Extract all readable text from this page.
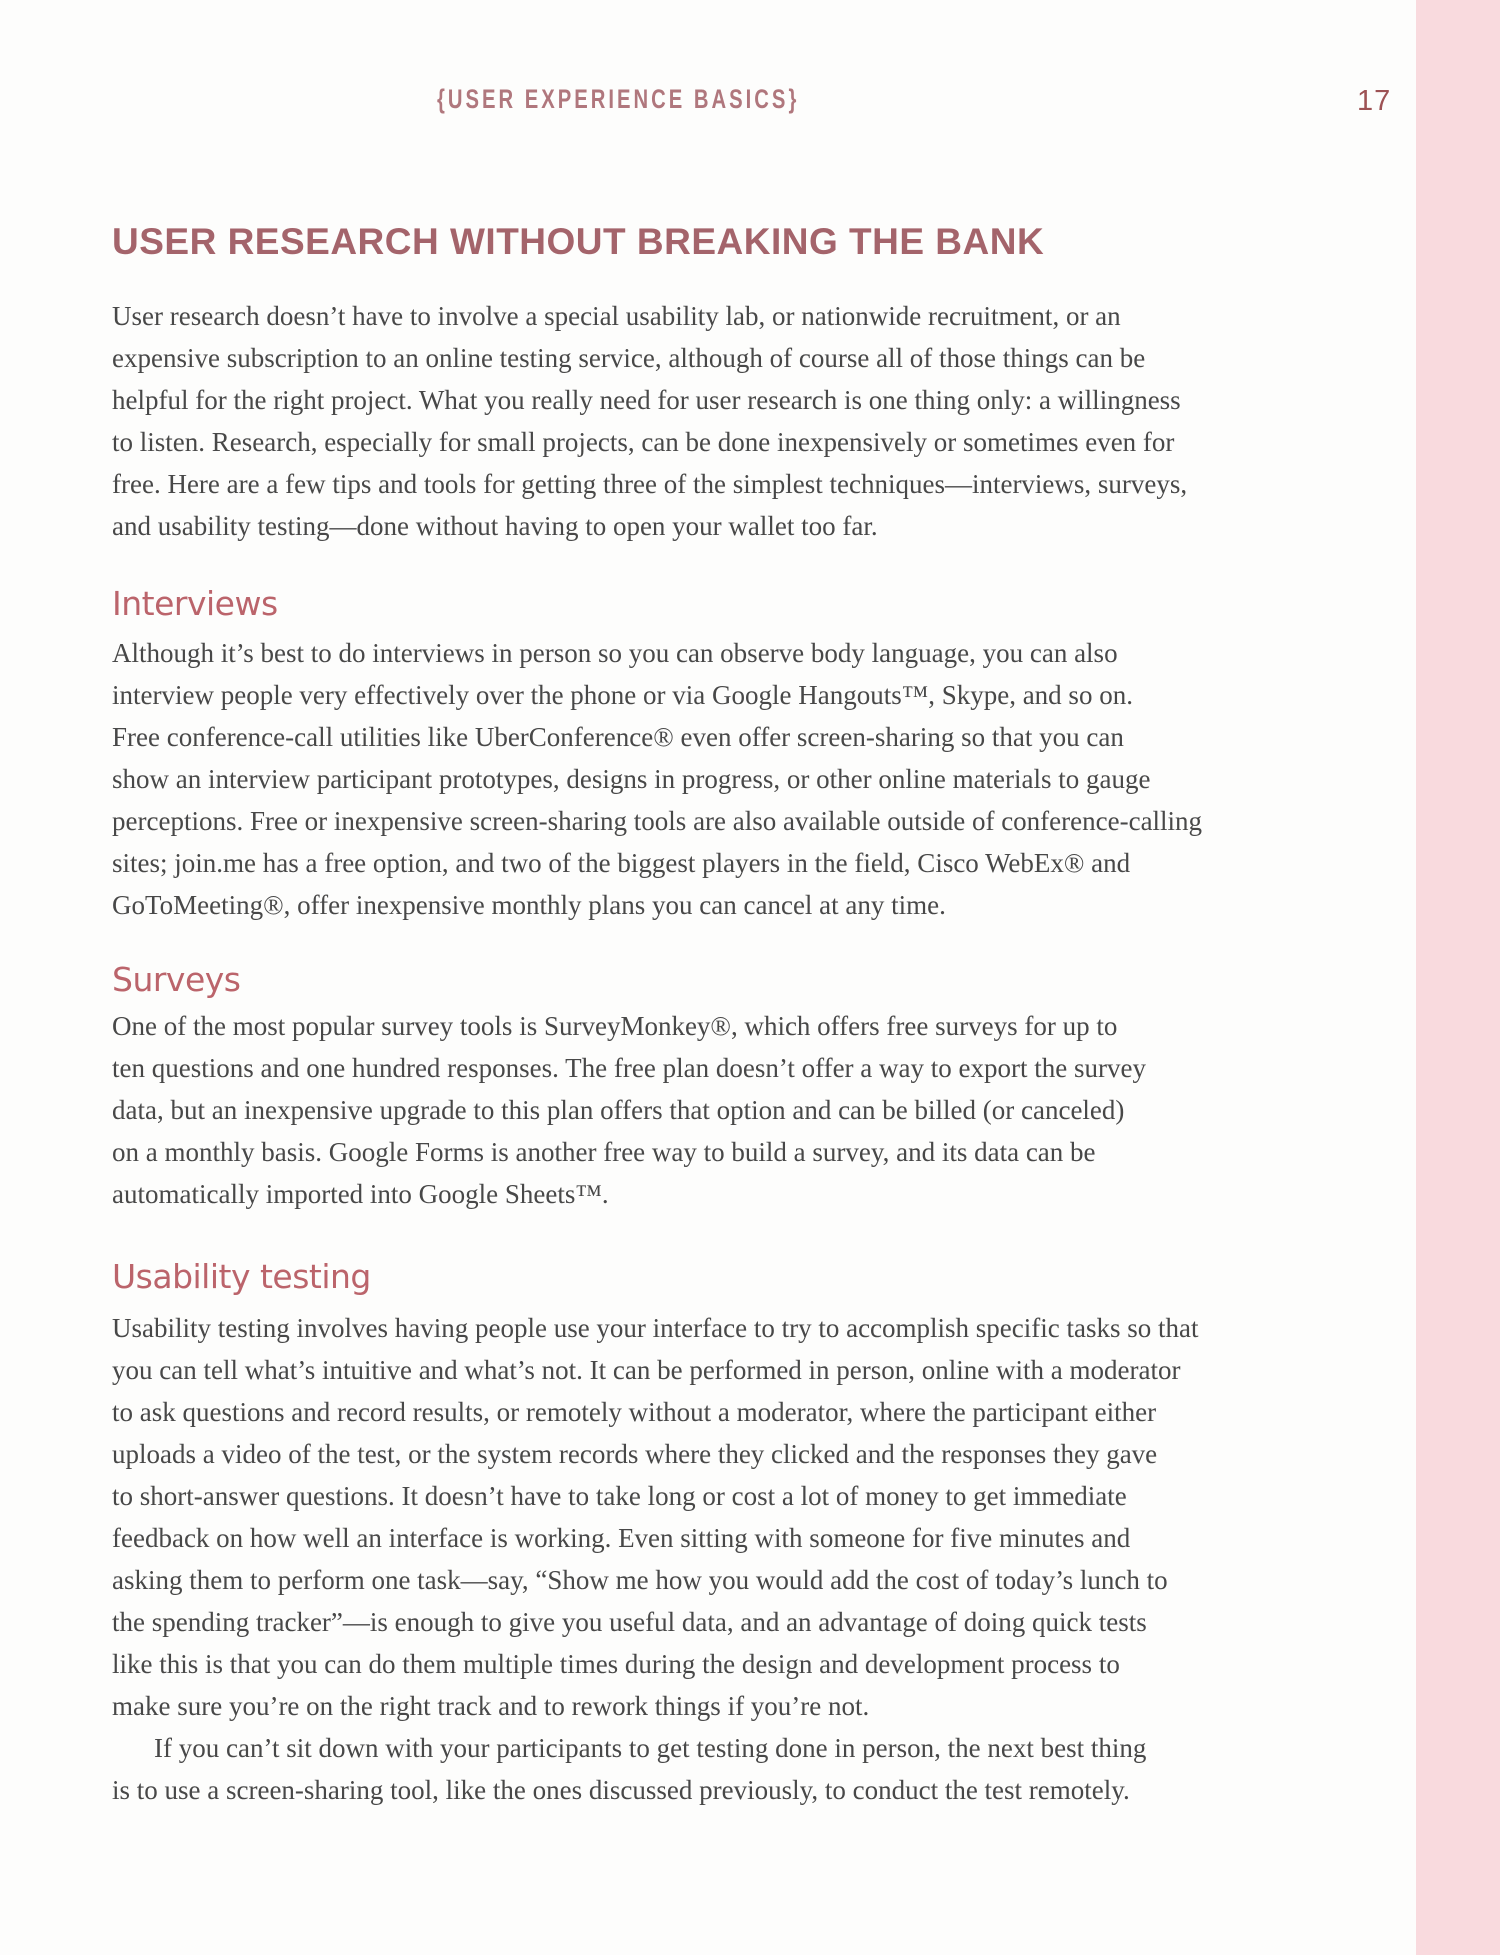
{USER EXPERIENCE BASICS}	17
USER RESEARCH WITHOUT BREAKING THE BANK
User research doesn’t have to involve a special usability lab, or nationwide recruitment, or an
expensive subscription to an online testing service, although of course all of those things can be
helpful for the right project. What you really need for user research is one thing only: a willingness
to listen. Research, especially for small projects, can be done inexpensively or sometimes even for
free. Here are a few tips and tools for getting three of the simplest techniques—interviews, surveys,
and usability testing—done without having to open your wallet too far.
Interviews
Although it’s best to do interviews in person so you can observe body language, you can also
interview people very effectively over the phone or via Google Hangouts™, Skype, and so on.
Free conference-call utilities like UberConference® even offer screen-sharing so that you can
show an interview participant prototypes, designs in progress, or other online materials to gauge
perceptions. Free or inexpensive screen-sharing tools are also available outside of conference-calling
sites; join.me has a free option, and two of the biggest players in the field, Cisco WebEx® and
GoToMeeting®, offer inexpensive monthly plans you can cancel at any time.
Surveys
One of the most popular survey tools is SurveyMonkey®, which offers free surveys for up to
ten questions and one hundred responses. The free plan doesn’t offer a way to export the survey
data, but an inexpensive upgrade to this plan offers that option and can be billed (or canceled)
on a monthly basis. Google Forms is another free way to build a survey, and its data can be
automatically imported into Google Sheets™.
Usability testing
Usability testing involves having people use your interface to try to accomplish specific tasks so that
you can tell what’s intuitive and what’s not. It can be performed in person, online with a moderator
to ask questions and record results, or remotely without a moderator, where the participant either
uploads a video of the test, or the system records where they clicked and the responses they gave
to short-answer questions. It doesn’t have to take long or cost a lot of money to get immediate
feedback on how well an interface is working. Even sitting with someone for five minutes and
asking them to perform one task—say, “Show me how you would add the cost of today’s lunch to
the spending tracker”—is enough to give you useful data, and an advantage of doing quick tests
like this is that you can do them multiple times during the design and development process to
make sure you’re on the right track and to rework things if you’re not.
If you can’t sit down with your participants to get testing done in person, the next best thing
is to use a screen-sharing tool, like the ones discussed previously, to conduct the test remotely.
